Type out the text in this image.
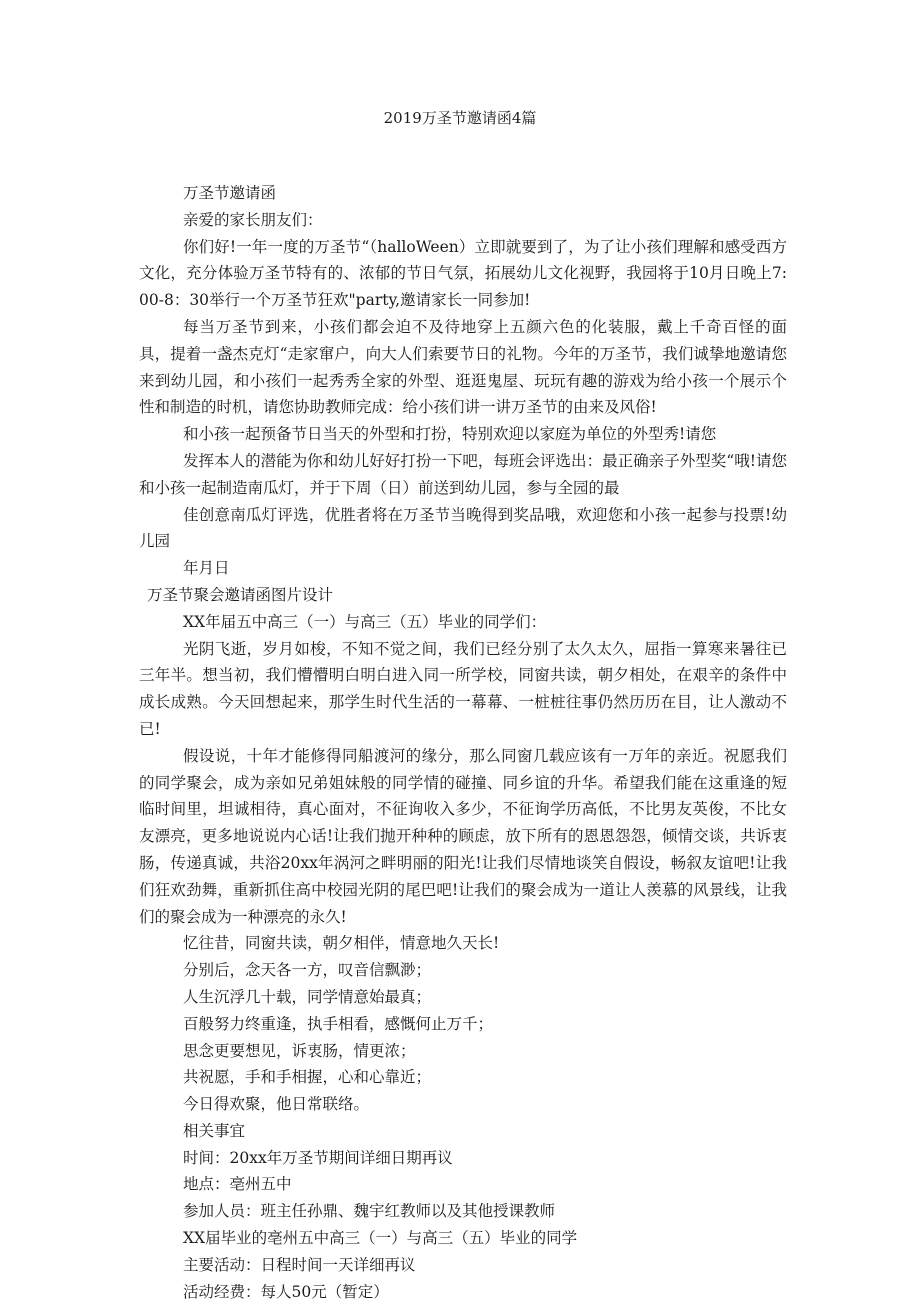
2019万圣节邀请函4篇

万圣节邀请函

亲爱的家长朋友们：

你们好!一年一度的万圣节“（halloWeen）立即就要到了，为了让小孩们理解和感受西方文化，充分体验万圣节特有的、浓郁的节日气氛，拓展幼儿文化视野，我园将于10月日晚上7:00-8：30举行一个万圣节狂欢"party,邀请家长一同参加!

每当万圣节到来，小孩们都会迫不及待地穿上五颜六色的化装服，戴上千奇百怪的面具，提着一盏杰克灯“走家窜户，向大人们索要节日的礼物。今年的万圣节，我们诚挚地邀请您来到幼儿园，和小孩们一起秀秀全家的外型、逛逛鬼屋、玩玩有趣的游戏为给小孩一个展示个性和制造的时机，请您协助教师完成：给小孩们讲一讲万圣节的由来及风俗!

和小孩一起预备节日当天的外型和打扮，特别欢迎以家庭为单位的外型秀!请您

发挥本人的潜能为你和幼儿好好打扮一下吧，每班会评选出：最正确亲子外型奖“哦!请您和小孩一起制造南瓜灯，并于下周（日）前送到幼儿园，参与全园的最

佳创意南瓜灯评选，优胜者将在万圣节当晚得到奖品哦，欢迎您和小孩一起参与投票!幼儿园

年月日

万圣节聚会邀请函图片设计

XX年届五中高三（一）与高三（五）毕业的同学们：

光阴飞逝，岁月如梭，不知不觉之间，我们已经分别了太久太久，屈指一算寒来暑往已三年半。想当初，我们懵懵明白明白进入同一所学校，同窗共读，朝夕相处，在艰辛的条件中成长成熟。今天回想起来，那学生时代生活的一幕幕、一桩桩往事仍然历历在目，让人激动不已!

假设说，十年才能修得同船渡河的缘分，那么同窗几载应该有一万年的亲近。祝愿我们的同学聚会，成为亲如兄弟姐妹般的同学情的碰撞、同乡谊的升华。希望我们能在这重逢的短临时间里，坦诚相待，真心面对，不征询收入多少，不征询学历高低，不比男友英俊，不比女友漂亮，更多地说说内心话!让我们抛开种种的顾虑，放下所有的恩恩怨怨，倾情交谈，共诉衷肠，传递真诚，共浴20xx年涡河之畔明丽的阳光!让我们尽情地谈笑自假设，畅叙友谊吧!让我们狂欢劲舞，重新抓住高中校园光阴的尾巴吧!让我们的聚会成为一道让人羡慕的风景线，让我们的聚会成为一种漂亮的永久!

忆往昔，同窗共读，朝夕相伴，情意地久天长!

分别后，念天各一方，叹音信飘渺；

人生沉浮几十载，同学情意始最真；

百般努力终重逢，执手相看，感慨何止万千；

思念更要想见，诉衷肠，情更浓；

共祝愿，手和手相握，心和心靠近；

今日得欢聚，他日常联络。

相关事宜

时间：20xx年万圣节期间详细日期再议

地点：亳州五中

参加人员：班主任孙鼎、魏宇红教师以及其他授课教师

XX届毕业的亳州五中高三（一）与高三（五）毕业的同学

主要活动：日程时间一天详细再议

活动经费：每人50元（暂定）
